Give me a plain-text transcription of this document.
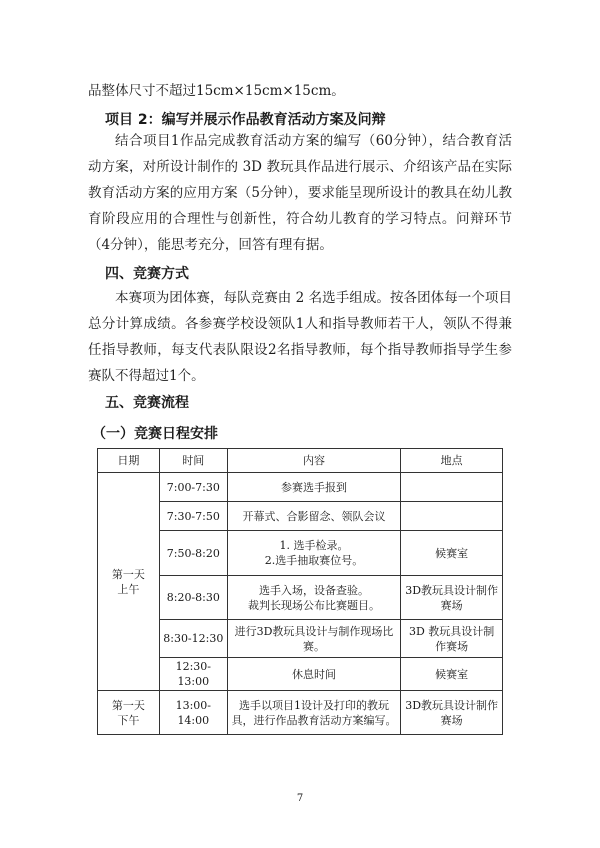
品整体尺寸不超过15cm×15cm×15cm。
项目 2：编写并展示作品教育活动方案及问辩
结合项目1作品完成教育活动方案的编写（60分钟），结合教育活动方案，对所设计制作的 3D 教玩具作品进行展示、介绍该产品在实际教育活动方案的应用方案（5分钟），要求能呈现所设计的教具在幼儿教育阶段应用的合理性与创新性，符合幼儿教育的学习特点。问辩环节（4分钟），能思考充分，回答有理有据。
四、竞赛方式
本赛项为团体赛，每队竞赛由 2 名选手组成。按各团体每一个项目总分计算成绩。各参赛学校设领队1人和指导教师若干人，领队不得兼任指导教师，每支代表队限设2名指导教师，每个指导教师指导学生参赛队不得超过1个。
五、竞赛流程
（一）竞赛日程安排
日期	时间	内容	地点
第一天
上午	7:00-7:30	参赛选手报到	
	7:30-7:50	开幕式、合影留念、领队会议	
	7:50-8:20	1. 选手检录。
2.选手抽取赛位号。	候赛室
	8:20-8:30	选手入场，设备查验。
裁判长现场公布比赛题目。	3D教玩具设计制作赛场
	8:30-12:30	进行3D教玩具设计与制作现场比赛。	3D 教玩具设计制作赛场
	12:30-13:00	休息时间	候赛室
第一天
下午	13:00-14:00	选手以项目1设计及打印的教玩具，进行作品教育活动方案编写。	3D教玩具设计制作赛场
7
